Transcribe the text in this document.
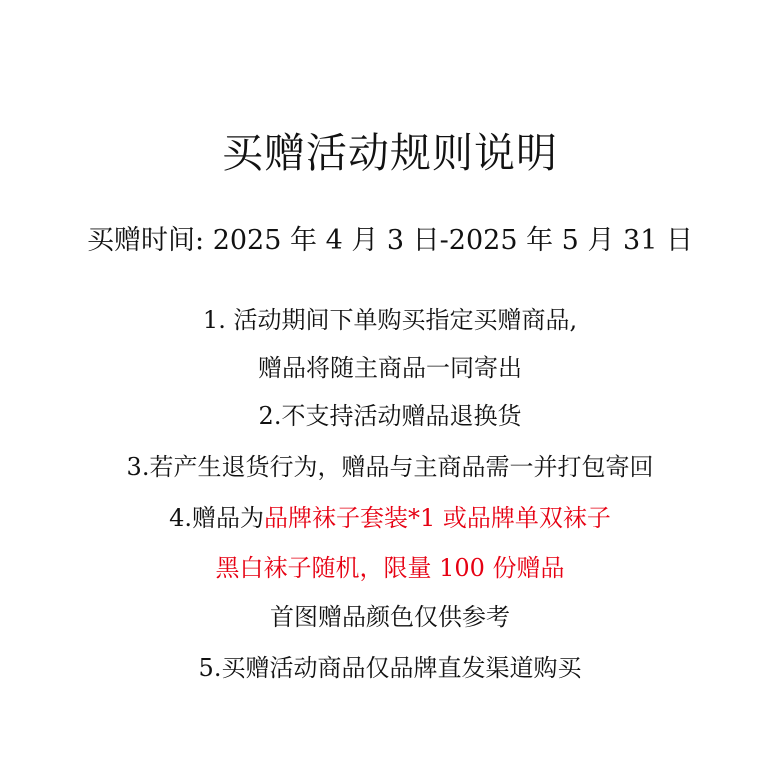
买赠活动规则说明
买赠时间: 2025 年 4 月 3 日-2025 年 5 月 31 日
1. 活动期间下单购买指定买赠商品,
赠品将随主商品一同寄出
2.不支持活动赠品退换货
3.若产生退货行为，赠品与主商品需一并打包寄回
4.赠品为品牌袜子套装*1 或品牌单双袜子
黑白袜子随机，限量 100 份赠品
首图赠品颜色仅供参考
5.买赠活动商品仅品牌直发渠道购买
